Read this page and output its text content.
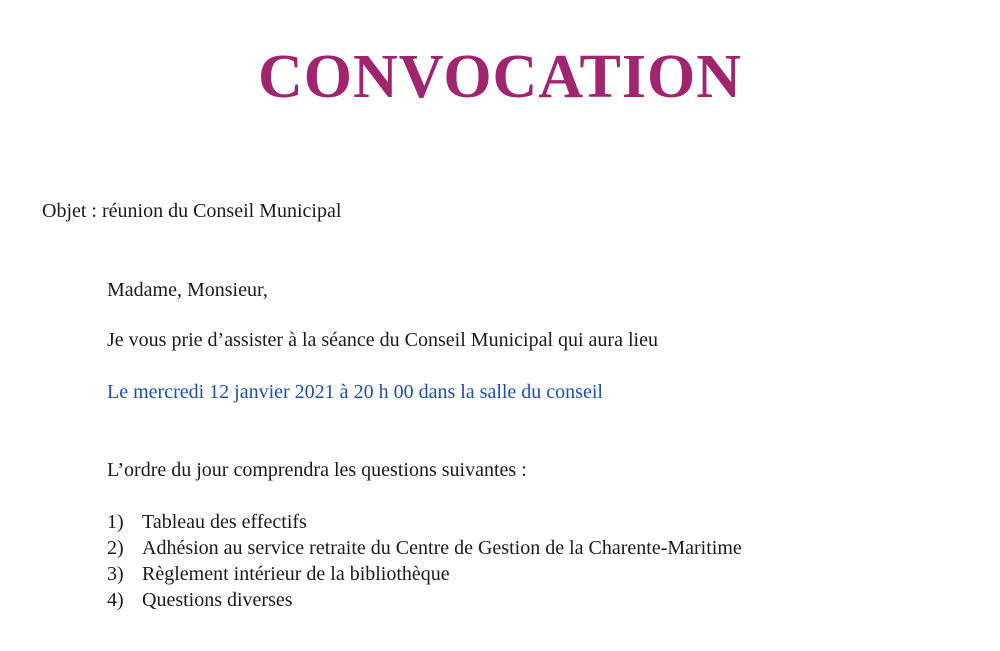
CONVOCATION
Objet : réunion du Conseil Municipal
Madame, Monsieur,
Je vous prie d’assister à la séance du Conseil Municipal qui aura lieu
Le mercredi 12 janvier 2021 à 20 h 00 dans la salle du conseil
L’ordre du jour comprendra les questions suivantes :
1) Tableau des effectifs
2) Adhésion au service retraite du Centre de Gestion de la Charente-Maritime
3) Règlement intérieur de la bibliothèque
4) Questions diverses
